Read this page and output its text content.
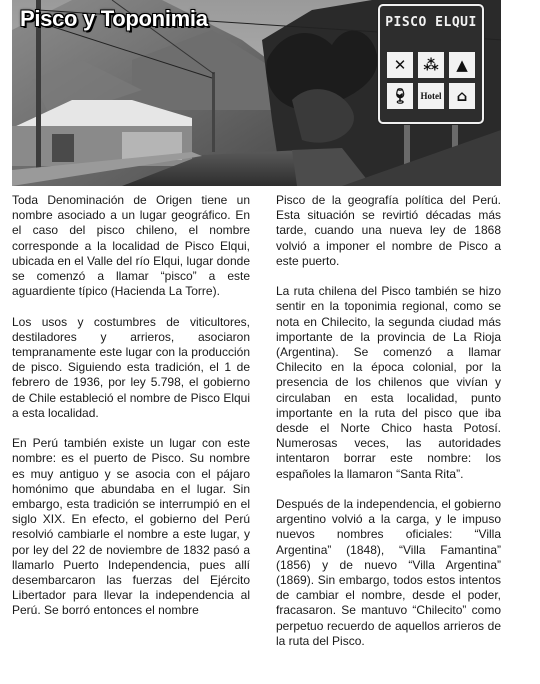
Pisco y Toponimia	PISCO ELQUI
✕	⁂	▲
🍷︎	Hotel	⌂

Toda Denominación de Origen tiene un nombre asociado a un lugar geográfico. En el caso del pisco chileno, el nombre corresponde a la localidad de Pisco Elqui, ubicada en el Valle del río Elqui, lugar donde se comenzó a llamar “pisco” a este aguardiente típico (Hacienda La Torre).

Los usos y costumbres de viticultores, destiladores y arrieros, asociaron tempranamente este lugar con la producción de pisco. Siguiendo esta tradición, el 1 de febrero de 1936, por ley 5.798, el gobierno de Chile estableció el nombre de Pisco Elqui a esta localidad.

En Perú también existe un lugar con este nombre: es el puerto de Pisco. Su nombre es muy antiguo y se asocia con el pájaro homónimo que abundaba en el lugar. Sin embargo, esta tradición se interrumpió en el siglo XIX. En efecto, el gobierno del Perú resolvió cambiarle el nombre a este lugar, y por ley del 22 de noviembre de 1832 pasó a llamarlo Puerto Independencia, pues allí desembarcaron las fuerzas del Ejército Libertador para llevar la independencia al Perú. Se borró entonces el nombre

Pisco de la geografía política del Perú. Esta situación se revirtió décadas más tarde, cuando una nueva ley de 1868 volvió a imponer el nombre de Pisco a este puerto.

La ruta chilena del Pisco también se hizo sentir en la toponimia regional, como se nota en Chilecito, la segunda ciudad más importante de la provincia de La Rioja (Argentina). Se comenzó a llamar Chilecito en la época colonial, por la presencia de los chilenos que vivían y circulaban en esta localidad, punto importante en la ruta del pisco que iba desde el Norte Chico hasta Potosí. Numerosas veces, las autoridades intentaron borrar este nombre: los españoles la llamaron “Santa Rita”.

Después de la independencia, el gobierno argentino volvió a la carga, y le impuso nuevos nombres oficiales: “Villa Argentina” (1848), “Villa Famantina” (1856) y de nuevo “Villa Argentina” (1869). Sin embargo, todos estos intentos de cambiar el nombre, desde el poder, fracasaron. Se mantuvo “Chilecito” como perpetuo recuerdo de aquellos arrieros de la ruta del Pisco.
